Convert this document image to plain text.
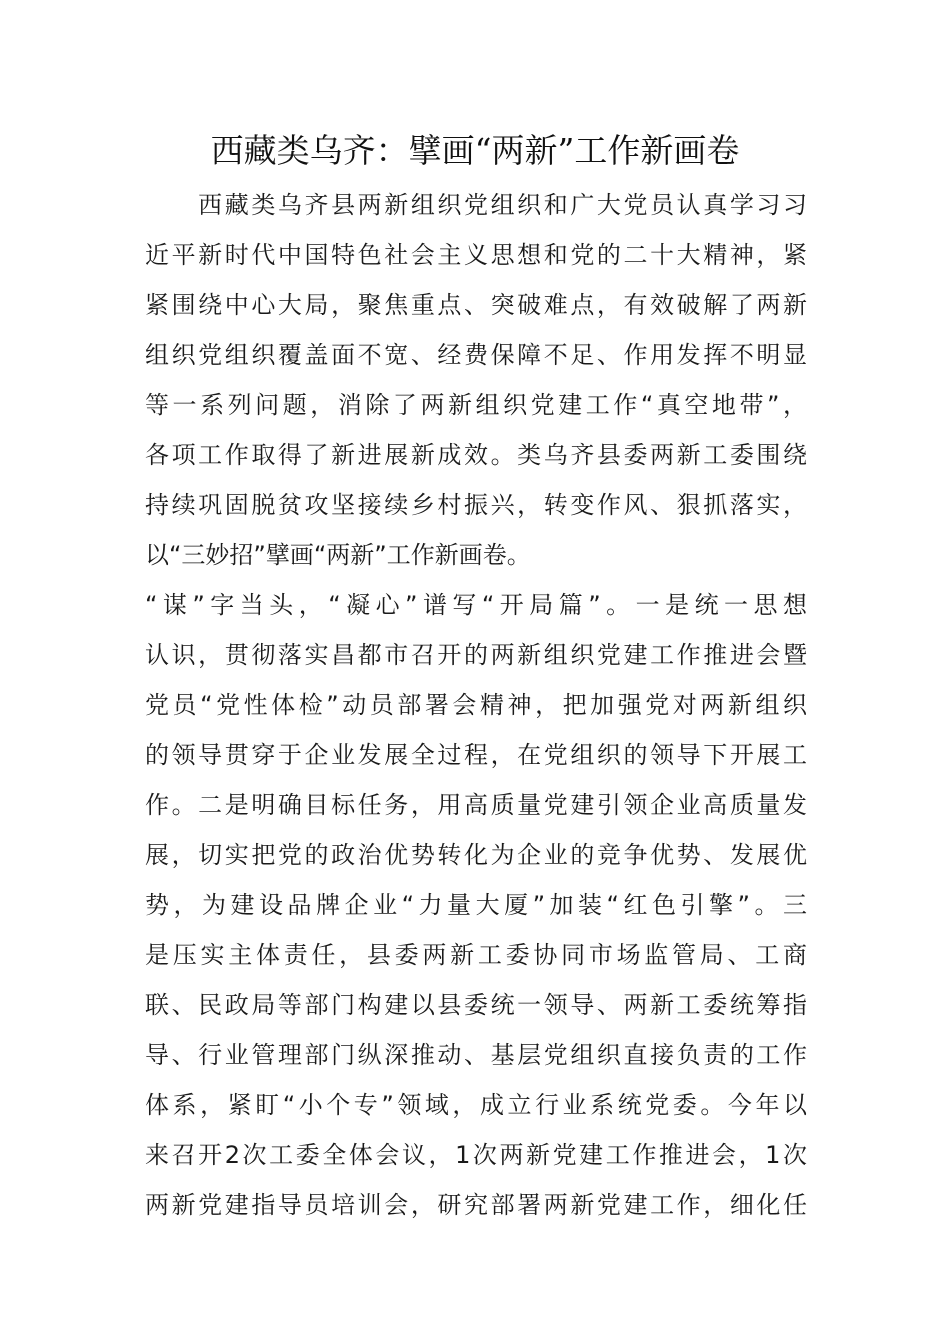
西藏类乌齐：擘画“两新”工作新画卷
　　西藏类乌齐县两新组织党组织和广大党员认真学习习
近平新时代中国特色社会主义思想和党的二十大精神，紧
紧围绕中心大局，聚焦重点、突破难点，有效破解了两新
组织党组织覆盖面不宽、经费保障不足、作用发挥不明显
等一系列问题，消除了两新组织党建工作“真空地带”，
各项工作取得了新进展新成效。类乌齐县委两新工委围绕
持续巩固脱贫攻坚接续乡村振兴，转变作风、狠抓落实，
以“三妙招”擘画“两新”工作新画卷。
“谋”字当头，“凝心”谱写“开局篇”。一是统一思想
认识，贯彻落实昌都市召开的两新组织党建工作推进会暨
党员“党性体检”动员部署会精神，把加强党对两新组织
的领导贯穿于企业发展全过程，在党组织的领导下开展工
作。二是明确目标任务，用高质量党建引领企业高质量发
展，切实把党的政治优势转化为企业的竞争优势、发展优
势，为建设品牌企业“力量大厦”加装“红色引擎”。三
是压实主体责任，县委两新工委协同市场监管局、工商
联、民政局等部门构建以县委统一领导、两新工委统筹指
导、行业管理部门纵深推动、基层党组织直接负责的工作
体系，紧盯“小个专”领域，成立行业系统党委。今年以
来召开2次工委全体会议，1次两新党建工作推进会，1次
两新党建指导员培训会，研究部署两新党建工作，细化任
